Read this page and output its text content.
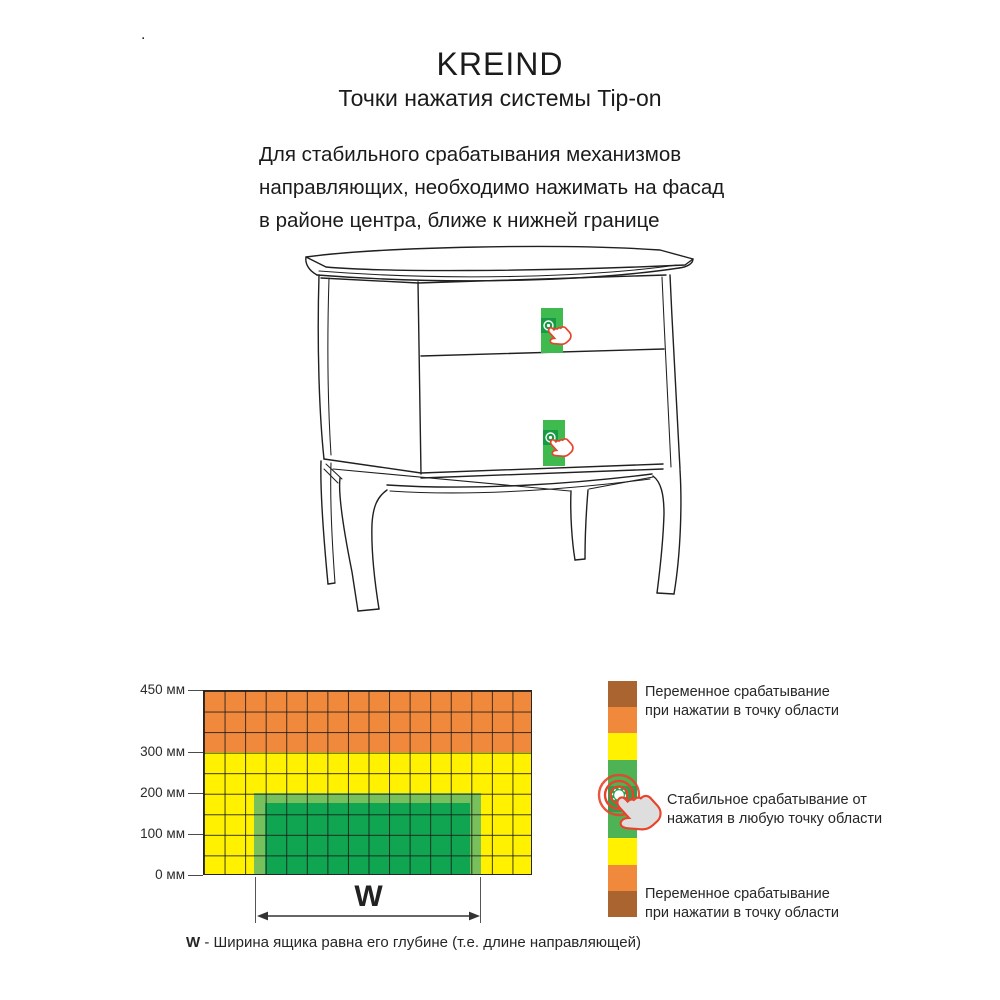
.
KREIND
Точки нажатия системы Tip-on
Для стабильного срабатывания механизмов
направляющих, необходимо нажимать на фасад
в районе центра, ближе к нижней границе
450 мм
300 мм
200 мм
100 мм
0 мм
W
W - Ширина ящика равна его глубине (т.е. длине направляющей)
Переменное срабатывание
при нажатии в точку области
Стабильное срабатывание от
нажатия в любую точку области
Переменное срабатывание
при нажатии в точку области
